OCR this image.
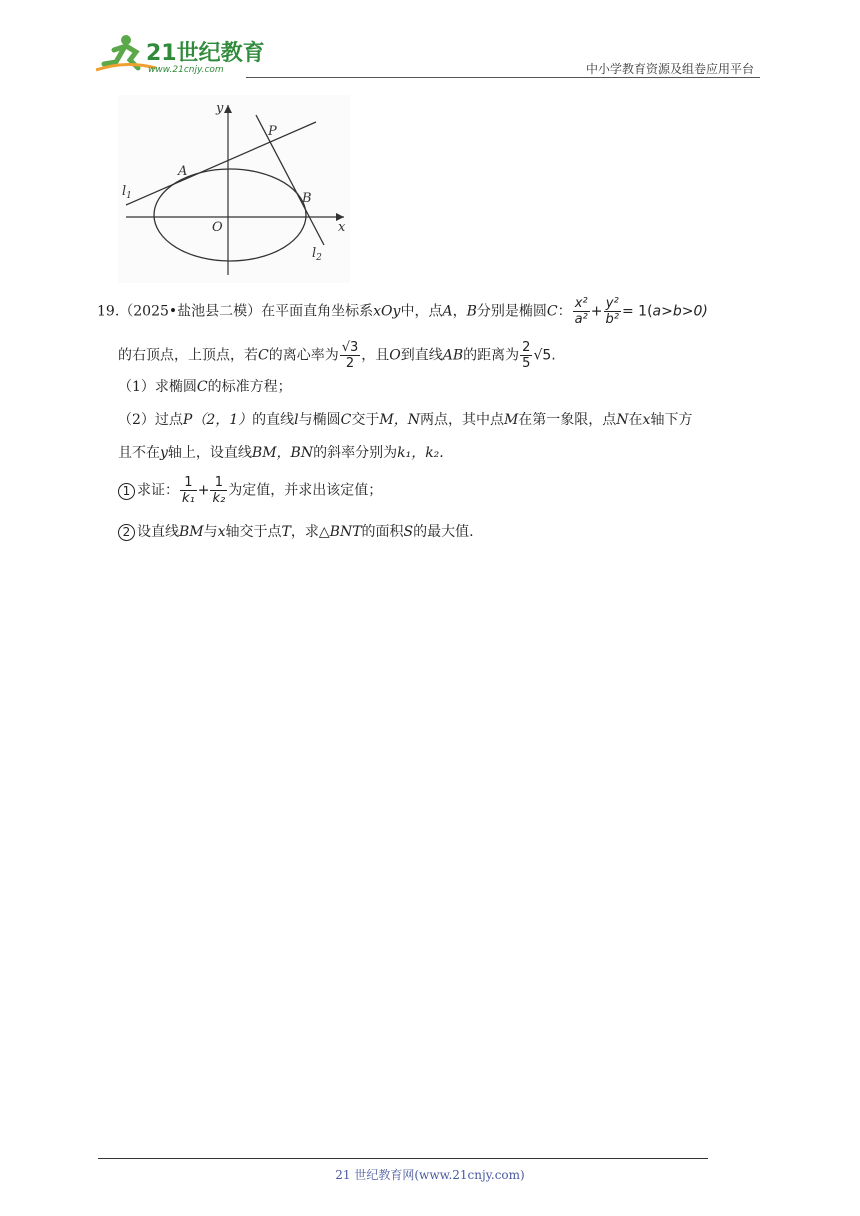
21世纪教育
www.21cnjy.com	中小学教育资源及组卷应用平台
y
x
O
A
B
P
$l_1$
$l_2$
19.（2025•盐池县二模）在平面直角坐标系xOy中，点A，B分别是椭圆C： $\frac{\text{x²}}{\text{a²}} + \frac{\text{y²}}{\text{b²}} = 1(a>b>0)$
的右顶点，上顶点，若C的离心率为 $\frac{√3}{2}$ ，且O到直线AB的距离为 $\frac{2}{5} √5$.
（1）求椭圆C的标准方程；
（2）过点P（2，1）的直线l与椭圆C交于M，N两点，其中点M在第一象限，点N在x轴下方
且不在y轴上，设直线BM，BN的斜率分别为k₁，k₂.
1 求证： $\frac{1}{\text{k₁}} + \frac{1}{\text{k₂}}$ 为定值，并求出该定值；
2 设直线BM与x轴交于点T，求△BNT的面积S的最大值.
21 世纪教育网(www.21cnjy.com)
